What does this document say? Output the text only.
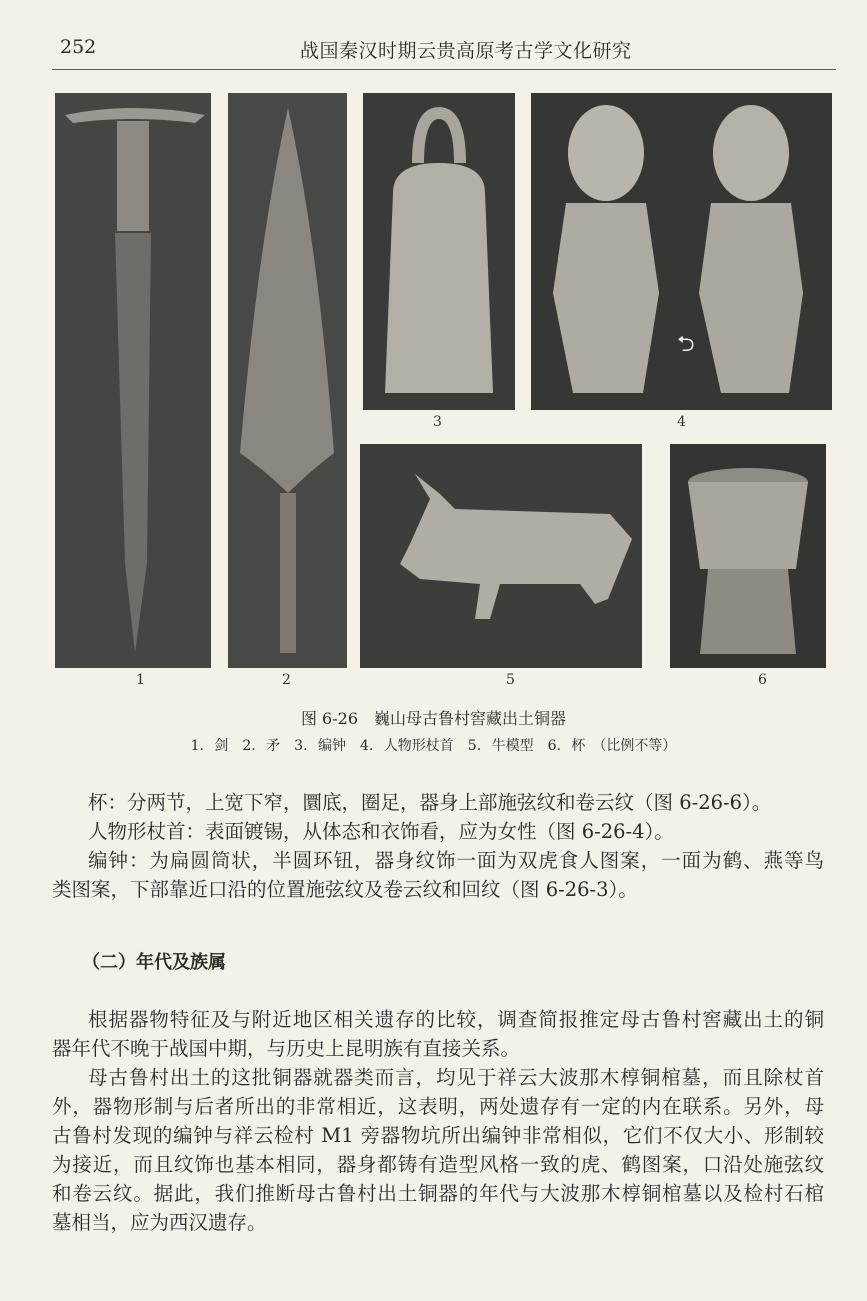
252	战国秦汉时期云贵高原考古学文化研究
⮌
1	2
3	4
5	6
图 6-26　巍山母古鲁村窖藏出土铜器
1. 剑　2. 矛　3. 编钟　4. 人物形杖首　5. 牛模型　6. 杯　（比例不等）
杯：分两节，上宽下窄，圜底，圈足，器身上部施弦纹和卷云纹（图 6-26-6）。
人物形杖首：表面镀锡，从体态和衣饰看，应为女性（图 6-26-4）。
编钟：为扁圆筒状，半圆环钮，器身纹饰一面为双虎食人图案，一面为鹤、燕等鸟
类图案，下部靠近口沿的位置施弦纹及卷云纹和回纹（图 6-26-3）。
（二）年代及族属
根据器物特征及与附近地区相关遗存的比较，调查简报推定母古鲁村窖藏出土的铜
器年代不晚于战国中期，与历史上昆明族有直接关系。
母古鲁村出土的这批铜器就器类而言，均见于祥云大波那木椁铜棺墓，而且除杖首
外，器物形制与后者所出的非常相近，这表明，两处遗存有一定的内在联系。另外，母
古鲁村发现的编钟与祥云检村 M1 旁器物坑所出编钟非常相似，它们不仅大小、形制较
为接近，而且纹饰也基本相同，器身都铸有造型风格一致的虎、鹤图案，口沿处施弦纹
和卷云纹。据此，我们推断母古鲁村出土铜器的年代与大波那木椁铜棺墓以及检村石棺
墓相当，应为西汉遗存。
